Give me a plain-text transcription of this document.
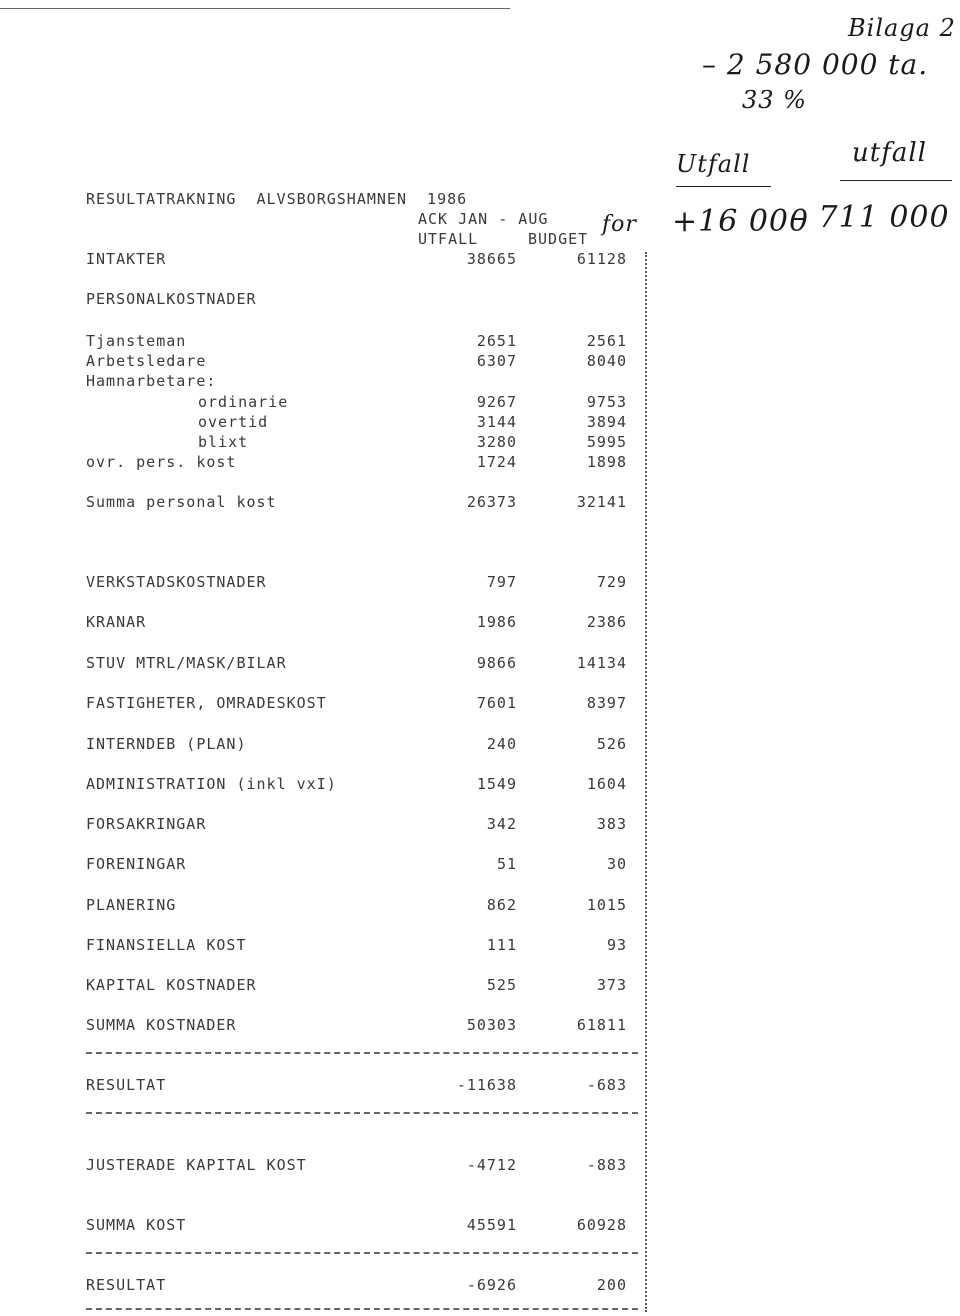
Bilaga 2
– 2 580 000 ta.
33 %
Utfall	utfall
for +16 000
– 711 000
RESULTATRAKNING  ALVSBORGSHAMNEN  1986
ACK JAN - AUG
UTFALL	BUDGET
INTAKTER	38665	61128
PERSONALKOSTNADER
Tjansteman	2651	2561
Arbetsledare	6307	8040
Hamnarbetare:
ordinarie	9267	9753
overtid	3144	3894
blixt	3280	5995
ovr. pers. kost	1724	1898
Summa personal kost	26373	32141
VERKSTADSKOSTNADER	797	729
KRANAR	1986	2386
STUV MTRL/MASK/BILAR	9866	14134
FASTIGHETER, OMRADESKOST	7601	8397
INTERNDEB (PLAN)	240	526
ADMINISTRATION (inkl vxI)	1549	1604
FORSAKRINGAR	342	383
FORENINGAR	51	30
PLANERING	862	1015
FINANSIELLA KOST	111	93
KAPITAL KOSTNADER	525	373
SUMMA KOSTNADER	50303	61811
RESULTAT	-11638	-683
JUSTERADE KAPITAL KOST	-4712	-883
SUMMA KOST	45591	60928
RESULTAT	-6926	200
